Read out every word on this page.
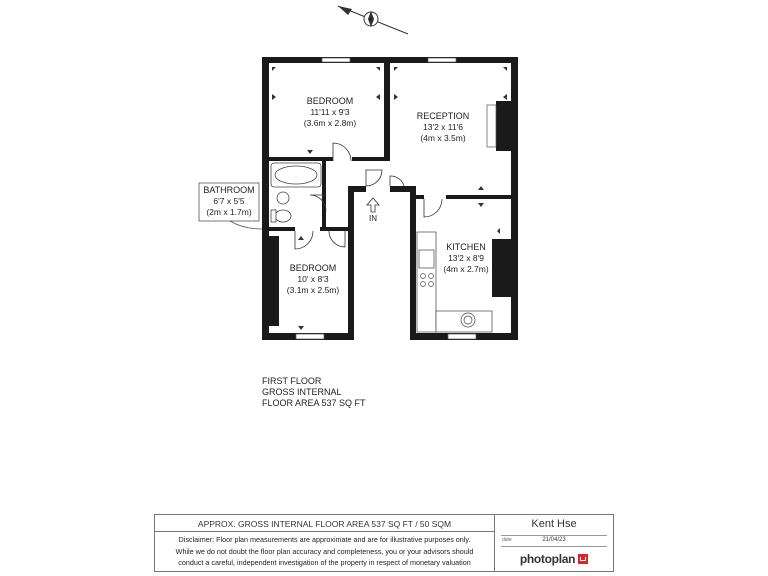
N
IN
BATHROOM
6'7 x 5'5
(2m x 1.7m)
BEDROOM
11'11 x 9'3
(3.6m x 2.8m)
RECEPTION
13'2 x 11'6
(4m x 3.5m)
KITCHEN
13'2 x 8'9
(4m x 2.7m)
BEDROOM
10' x 8'3
(3.1m x 2.5m)
FIRST FLOOR
GROSS INTERNAL
FLOOR AREA 537 SQ FT
APPROX. GROSS INTERNAL FLOOR AREA 537 SQ FT / 50 SQM
Disclaimer: Floor plan measurements are approximate and are for illustrative purposes only.
While we do not doubt the floor plan accuracy and completeness, you or your advisors should
conduct a careful, independent investigation of the property in respect of monetary valuation
Kent Hse
date	21/04/23
photoplan
